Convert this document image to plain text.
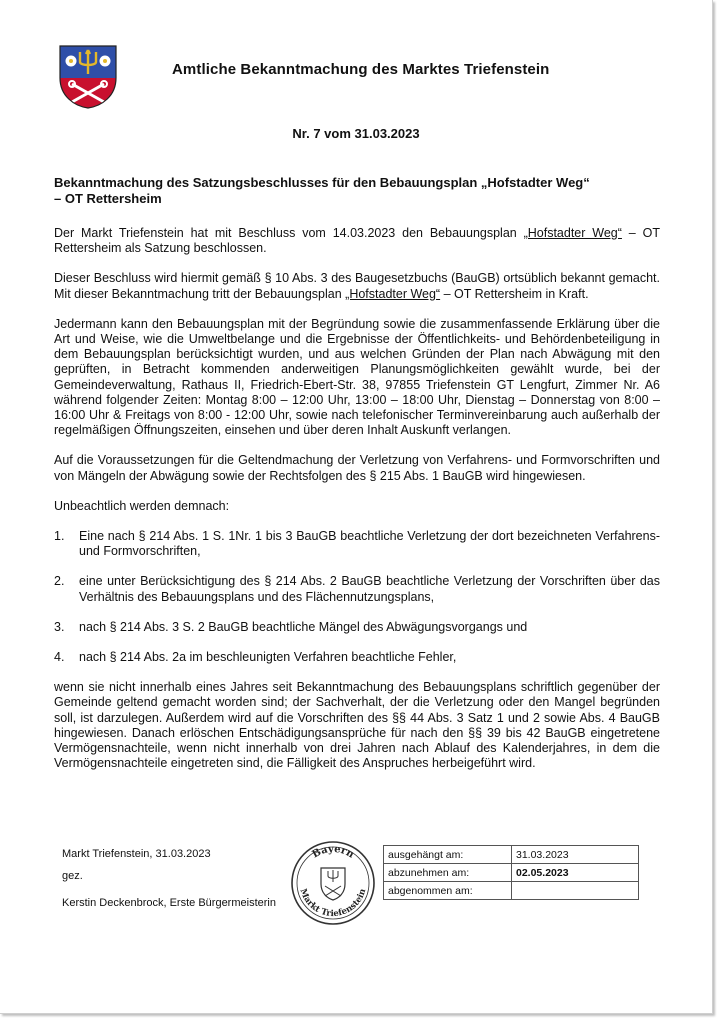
Amtliche Bekanntmachung des Marktes Triefenstein
Nr. 7 vom 31.03.2023
Bekanntmachung des Satzungsbeschlusses für den Bebauungsplan „Hofstadter Weg“
– OT Rettersheim

Der Markt Triefenstein hat mit Beschluss vom 14.03.2023 den Bebauungsplan „Hofstadter Weg“ – OT Rettersheim als Satzung beschlossen.

Dieser Beschluss wird hiermit gemäß § 10 Abs. 3 des Baugesetzbuchs (BauGB) ortsüblich bekannt gemacht. Mit dieser Bekanntmachung tritt der Bebauungsplan „Hofstadter Weg“ – OT Rettersheim in Kraft.

Jedermann kann den Bebauungsplan mit der Begründung sowie die zusammenfassende Erklärung über die Art und Weise, wie die Umweltbelange und die Ergebnisse der Öffentlichkeits- und Behördenbeteiligung in dem Bebauungsplan berücksichtigt wurden, und aus welchen Gründen der Plan nach Abwägung mit den geprüften, in Betracht kommenden anderweitigen Planungsmöglichkeiten gewählt wurde, bei der Gemeindeverwaltung, Rathaus II, Friedrich-Ebert-Str. 38, 97855 Triefenstein GT Lengfurt, Zimmer Nr. A6 während folgender Zeiten: Montag 8:00 – 12:00 Uhr, 13:00 – 18:00 Uhr, Dienstag – Donnerstag von 8:00 – 16:00 Uhr & Freitags von 8:00 - 12:00 Uhr, sowie nach telefonischer Terminvereinbarung auch außerhalb der regelmäßigen Öffnungszeiten, einsehen und über deren Inhalt Auskunft verlangen.

Auf die Voraussetzungen für die Geltendmachung der Verletzung von Verfahrens- und Formvorschriften und von Mängeln der Abwägung sowie der Rechtsfolgen des § 215 Abs. 1 BauGB wird hingewiesen.

Unbeachtlich werden demnach:

1. Eine nach § 214 Abs. 1 S. 1Nr. 1 bis 3 BauGB beachtliche Verletzung der dort bezeichneten Verfahrens- und Formvorschriften,
2. eine unter Berücksichtigung des § 214 Abs. 2 BauGB beachtliche Verletzung der Vorschriften über das Verhältnis des Bebauungsplans und des Flächennutzungsplans,
3. nach § 214 Abs. 3 S. 2 BauGB beachtliche Mängel des Abwägungsvorgangs und
4. nach § 214 Abs. 2a im beschleunigten Verfahren beachtliche Fehler,

wenn sie nicht innerhalb eines Jahres seit Bekanntmachung des Bebauungsplans schriftlich gegenüber der Gemeinde geltend gemacht worden sind; der Sachverhalt, der die Verletzung oder den Mangel begründen soll, ist darzulegen. Außerdem wird auf die Vorschriften des §§ 44 Abs. 3 Satz 1 und 2 sowie Abs. 4 BauGB hingewiesen. Danach erlöschen Entschädigungsansprüche für nach den §§ 39 bis 42 BauGB eingetretene Vermögensnachteile, wenn nicht innerhalb von drei Jahren nach Ablauf des Kalenderjahres, in dem die Vermögensnachteile eingetreten sind, die Fälligkeit des Anspruches herbeigeführt wird.

Markt Triefenstein, 31.03.2023
gez.
Kerstin Deckenbrock, Erste Bürgermeisterin
Bayern
Markt Triefenstein
ausgehängt am:	31.03.2023
abzunehmen am:	02.05.2023
abgenommen am:	
